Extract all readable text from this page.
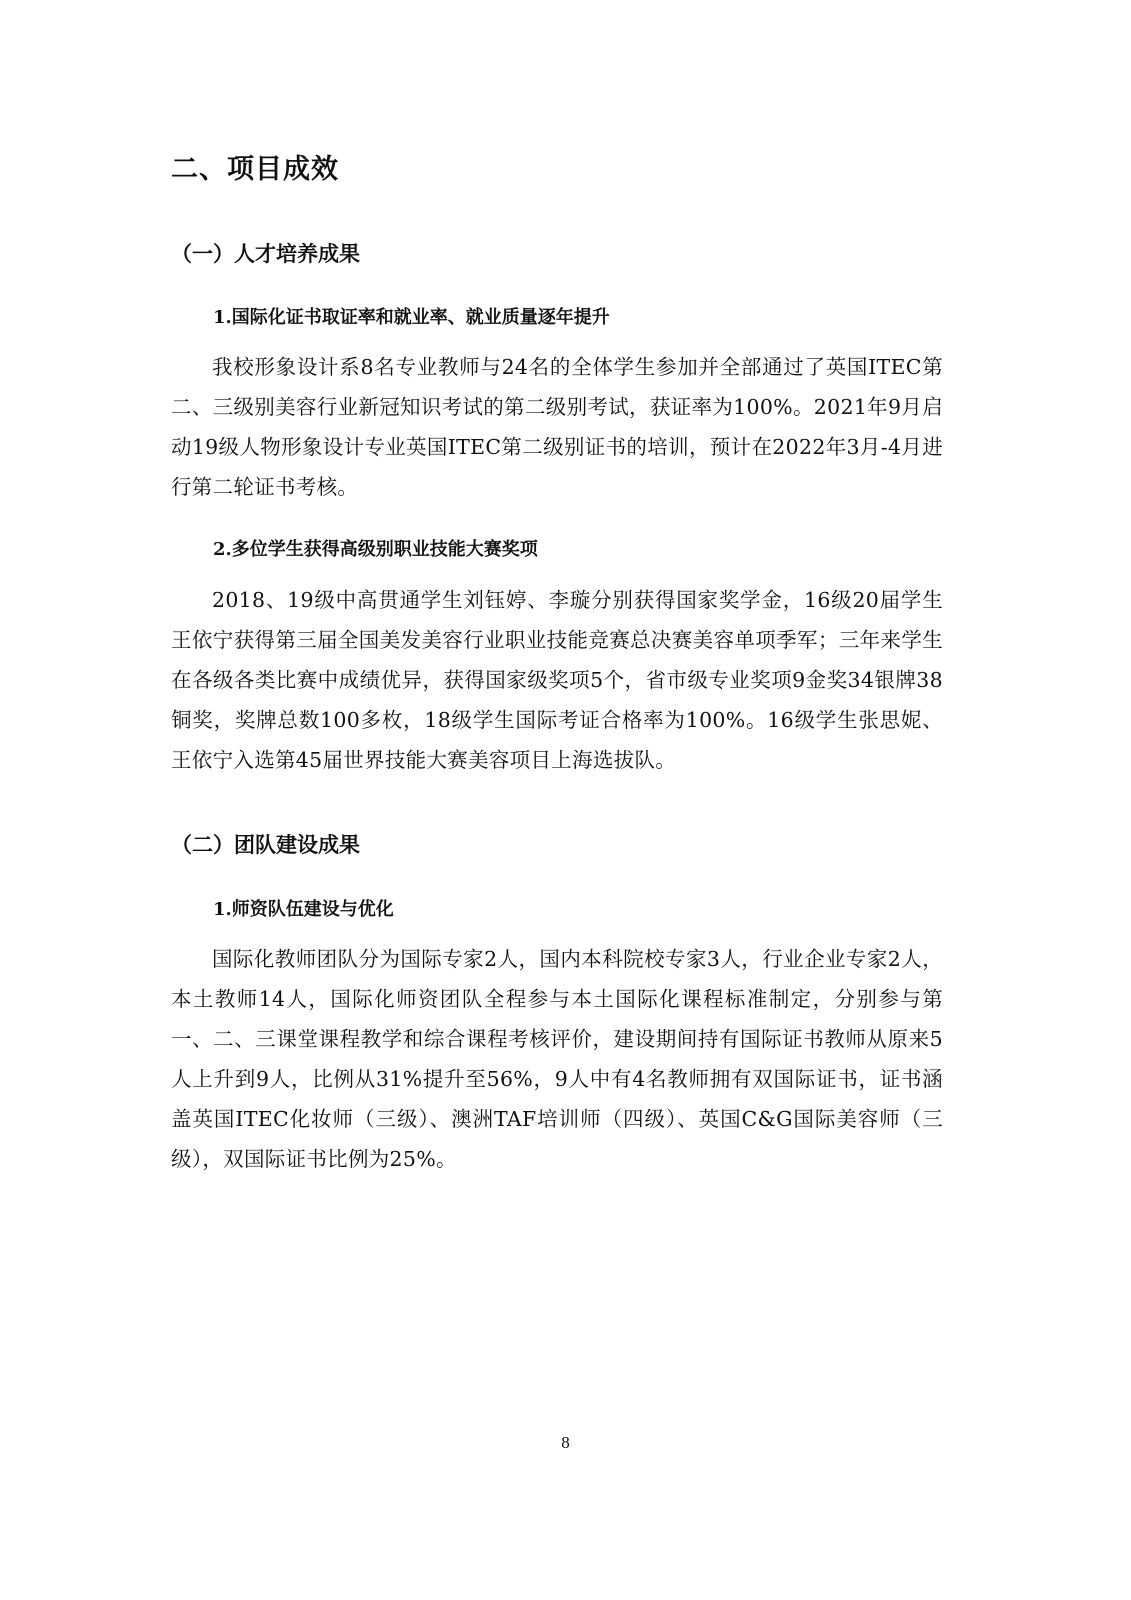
二、项目成效
（一）人才培养成果
1.国际化证书取证率和就业率、就业质量逐年提升

我校形象设计系8名专业教师与24名的全体学生参加并全部通过了英国ITEC第二、三级别美容行业新冠知识考试的第二级别考试，获证率为100%。2021年9月启动19级人物形象设计专业英国ITEC第二级别证书的培训，预计在2022年3月-4月进行第二轮证书考核。

2.多位学生获得高级别职业技能大赛奖项

2018、19级中高贯通学生刘钰婷、李璇分别获得国家奖学金，16级20届学生王依宁获得第三届全国美发美容行业职业技能竞赛总决赛美容单项季军；三年来学生在各级各类比赛中成绩优异，获得国家级奖项5个，省市级专业奖项9金奖34银牌38铜奖，奖牌总数100多枚，18级学生国际考证合格率为100%。16级学生张思妮、王依宁入选第45届世界技能大赛美容项目上海选拔队。

（二）团队建设成果
1.师资队伍建设与优化

国际化教师团队分为国际专家2人，国内本科院校专家3人，行业企业专家2人，本土教师14人，国际化师资团队全程参与本土国际化课程标准制定，分别参与第一、二、三课堂课程教学和综合课程考核评价，建设期间持有国际证书教师从原来5人上升到9人，比例从31%提升至56%，9人中有4名教师拥有双国际证书，证书涵盖英国ITEC化妆师（三级）、澳洲TAF培训师（四级）、英国C&G国际美容师（三级），双国际证书比例为25%。

8
